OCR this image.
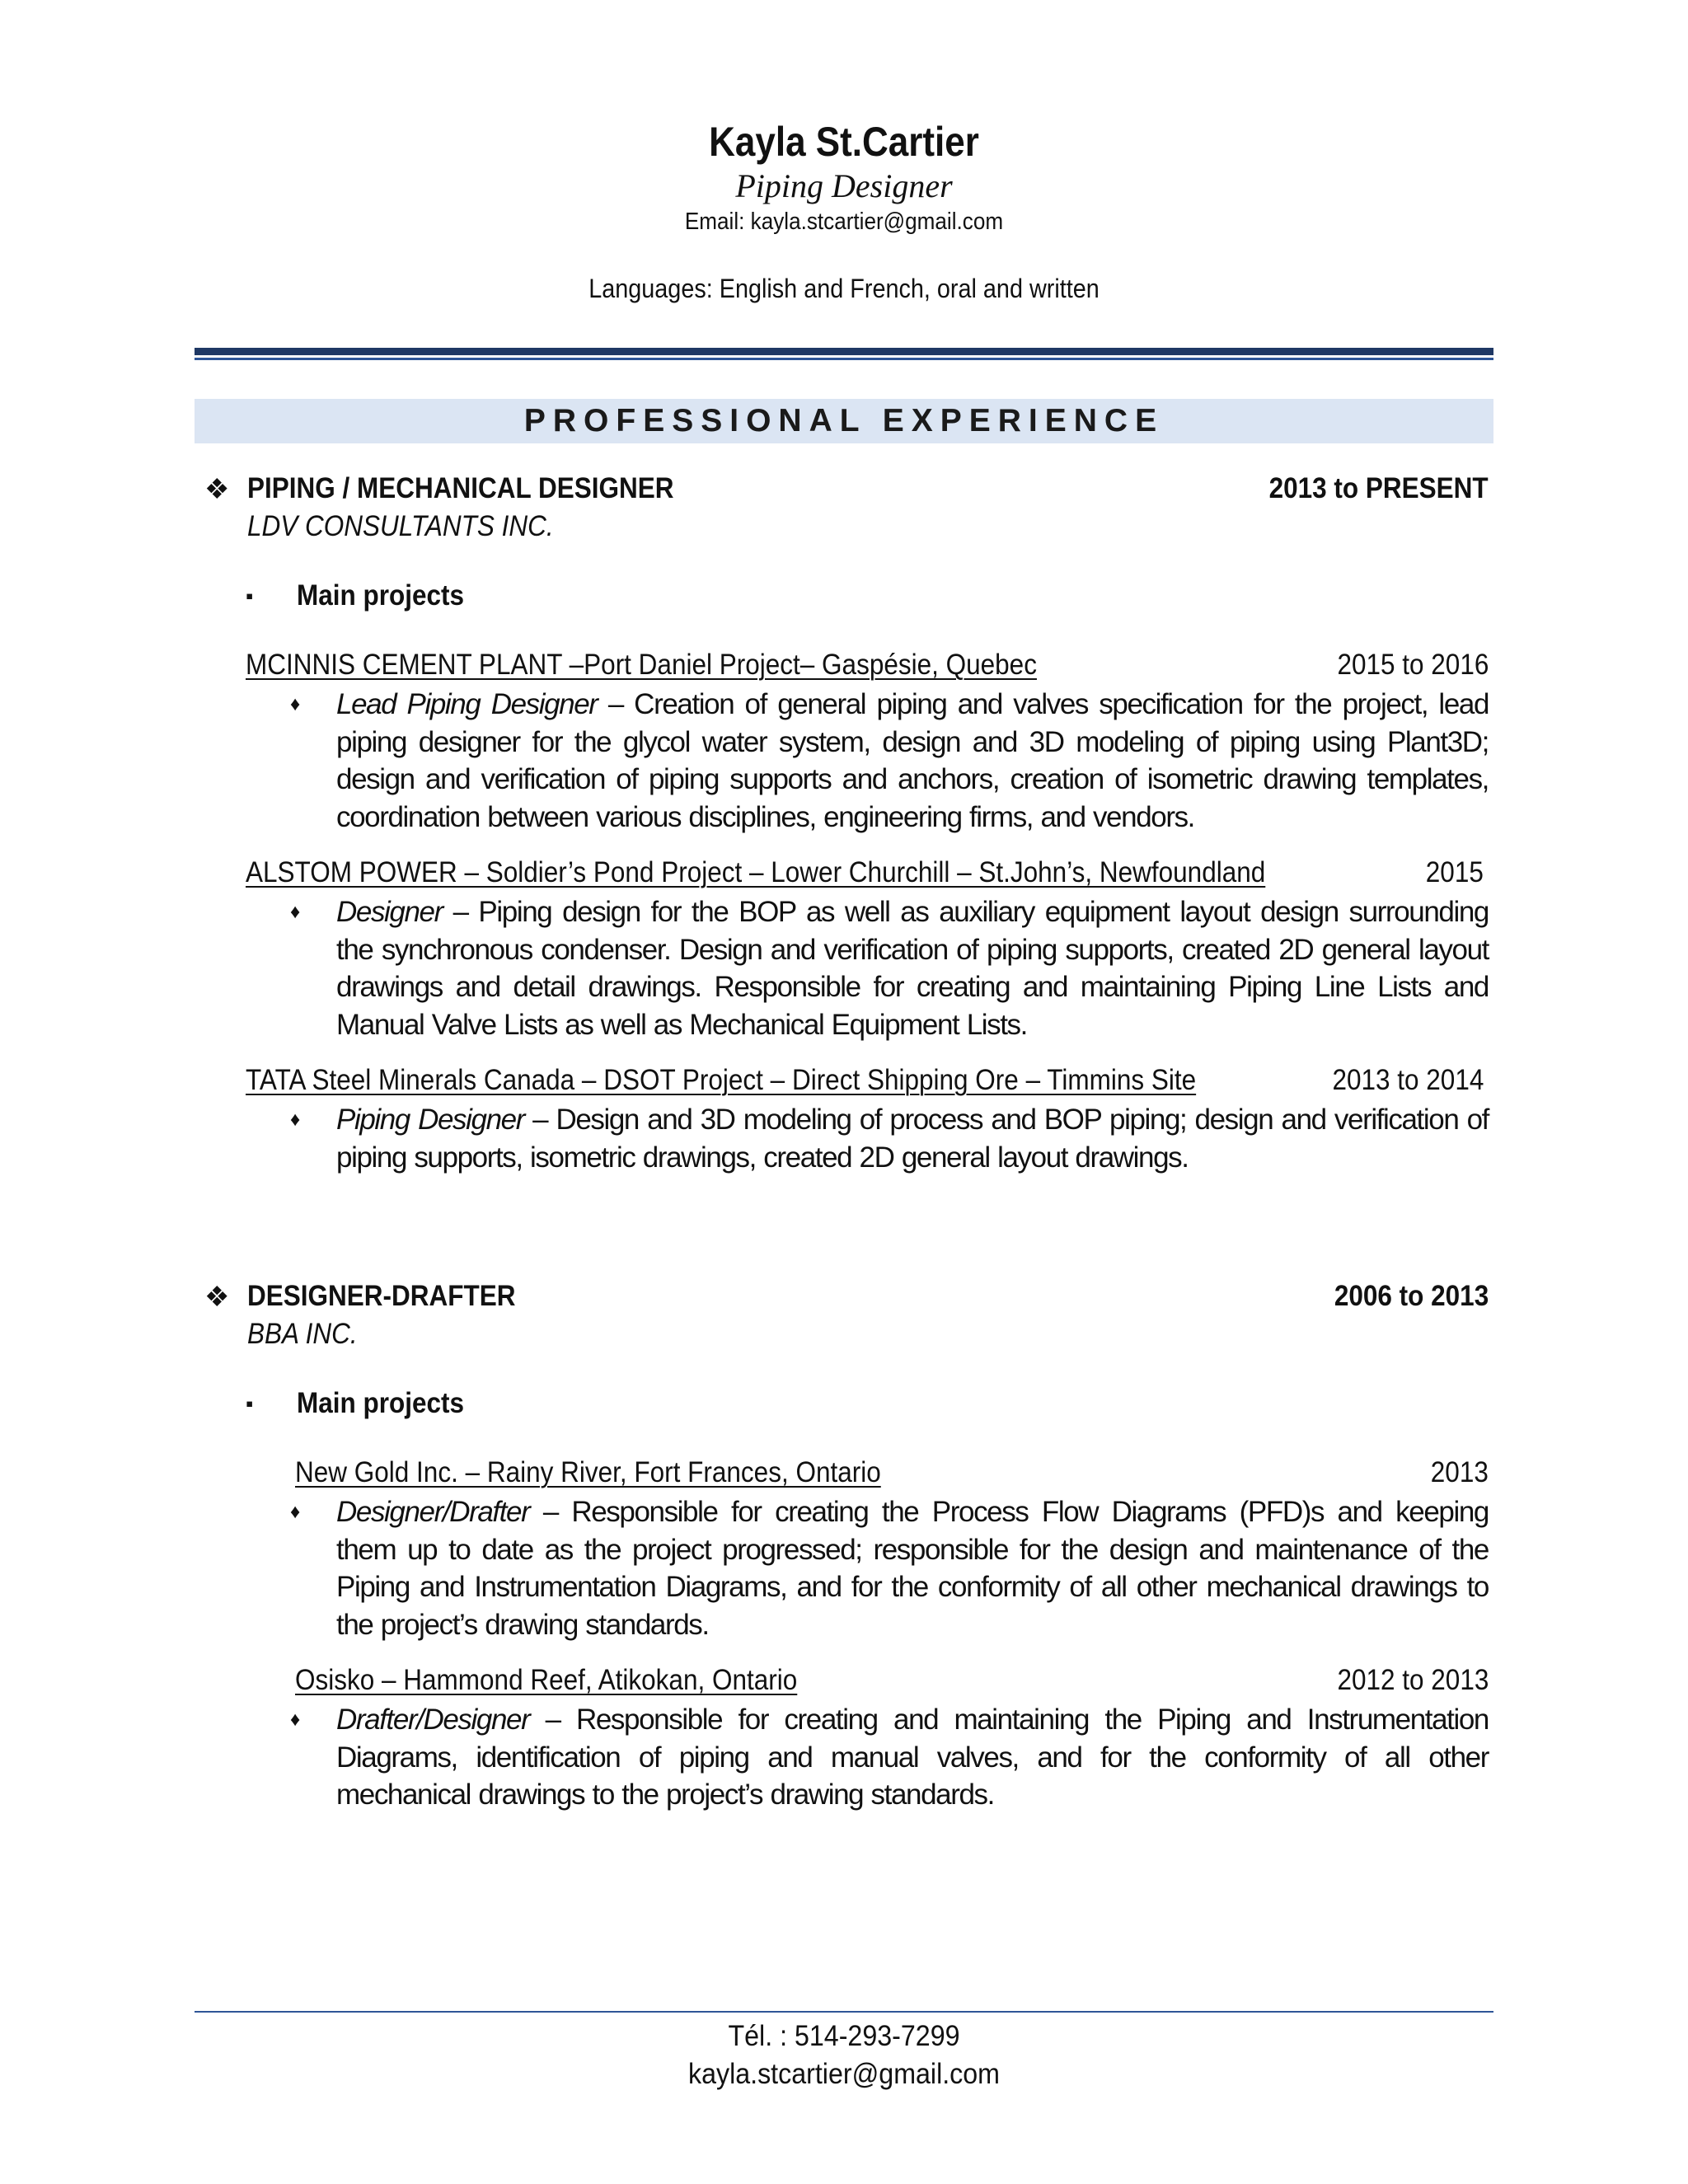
Kayla St.Cartier
Piping Designer
Email: kayla.stcartier@gmail.com
Languages: English and French, oral and written
PROFESSIONAL EXPERIENCE
❖ PIPING / MECHANICAL DESIGNER	2013 to PRESENT
LDV CONSULTANTS INC.
▪ Main projects
MCINNIS CEMENT PLANT –Port Daniel Project– Gaspésie, Quebec	2015 to 2016
♦ Lead Piping Designer – Creation of general piping and valves specification for the project, lead piping designer for the glycol water system, design and 3D modeling of piping using Plant3D; design and verification of piping supports and anchors, creation of isometric drawing templates, coordination between various disciplines, engineering firms, and vendors.
ALSTOM POWER – Soldier’s Pond Project – Lower Churchill – St.John’s, Newfoundland	2015
♦ Designer – Piping design for the BOP as well as auxiliary equipment layout design surrounding the synchronous condenser. Design and verification of piping supports, created 2D general layout drawings and detail drawings. Responsible for creating and maintaining Piping Line Lists and Manual Valve Lists as well as Mechanical Equipment Lists.
TATA Steel Minerals Canada – DSOT Project – Direct Shipping Ore – Timmins Site	2013 to 2014
♦ Piping Designer – Design and 3D modeling of process and BOP piping; design and verification of piping supports, isometric drawings, created 2D general layout drawings.
❖ DESIGNER-DRAFTER	2006 to 2013
BBA INC.
▪ Main projects
New Gold Inc. – Rainy River, Fort Frances, Ontario	2013
♦ Designer/Drafter – Responsible for creating the Process Flow Diagrams (PFD)s and keeping them up to date as the project progressed; responsible for the design and maintenance of the Piping and Instrumentation Diagrams, and for the conformity of all other mechanical drawings to the project’s drawing standards.
Osisko – Hammond Reef, Atikokan, Ontario	2012 to 2013
♦ Drafter/Designer – Responsible for creating and maintaining the Piping and Instrumentation Diagrams, identification of piping and manual valves, and for the conformity of all other mechanical drawings to the project’s drawing standards.
Tél. : 514-293-7299
kayla.stcartier@gmail.com
